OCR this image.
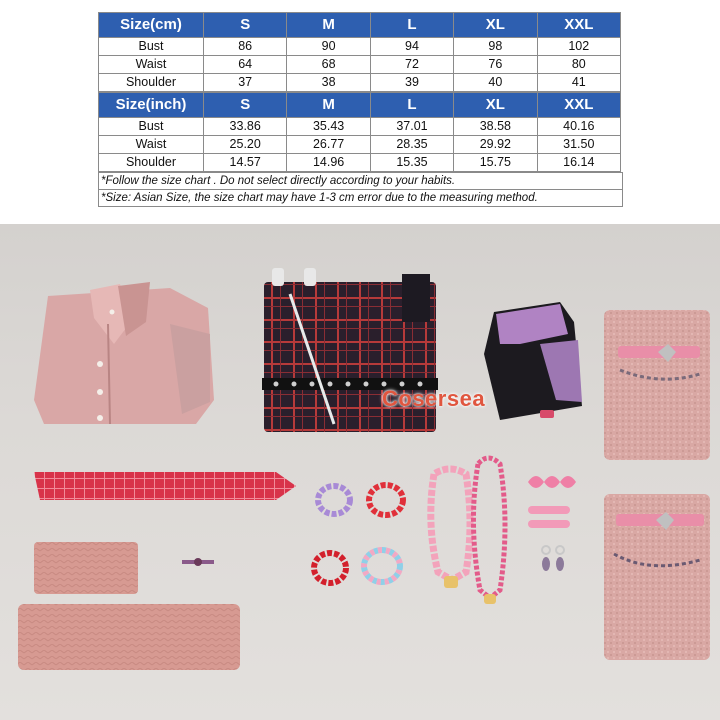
Size(cm)	S	M	L	XL	XXL
Bust	86	90	94	98	102
Waist	64	68	72	76	80
Shoulder	37	38	39	40	41
Size(inch)	S	M	L	XL	XXL
Bust	33.86	35.43	37.01	38.58	40.16
Waist	25.20	26.77	28.35	29.92	31.50
Shoulder	14.57	14.96	15.35	15.75	16.14
*Follow the size chart . Do not select directly according to your habits.
*Size: Asian Size, the size chart may have 1-3 cm error due to the measuring method.
Cosersea
